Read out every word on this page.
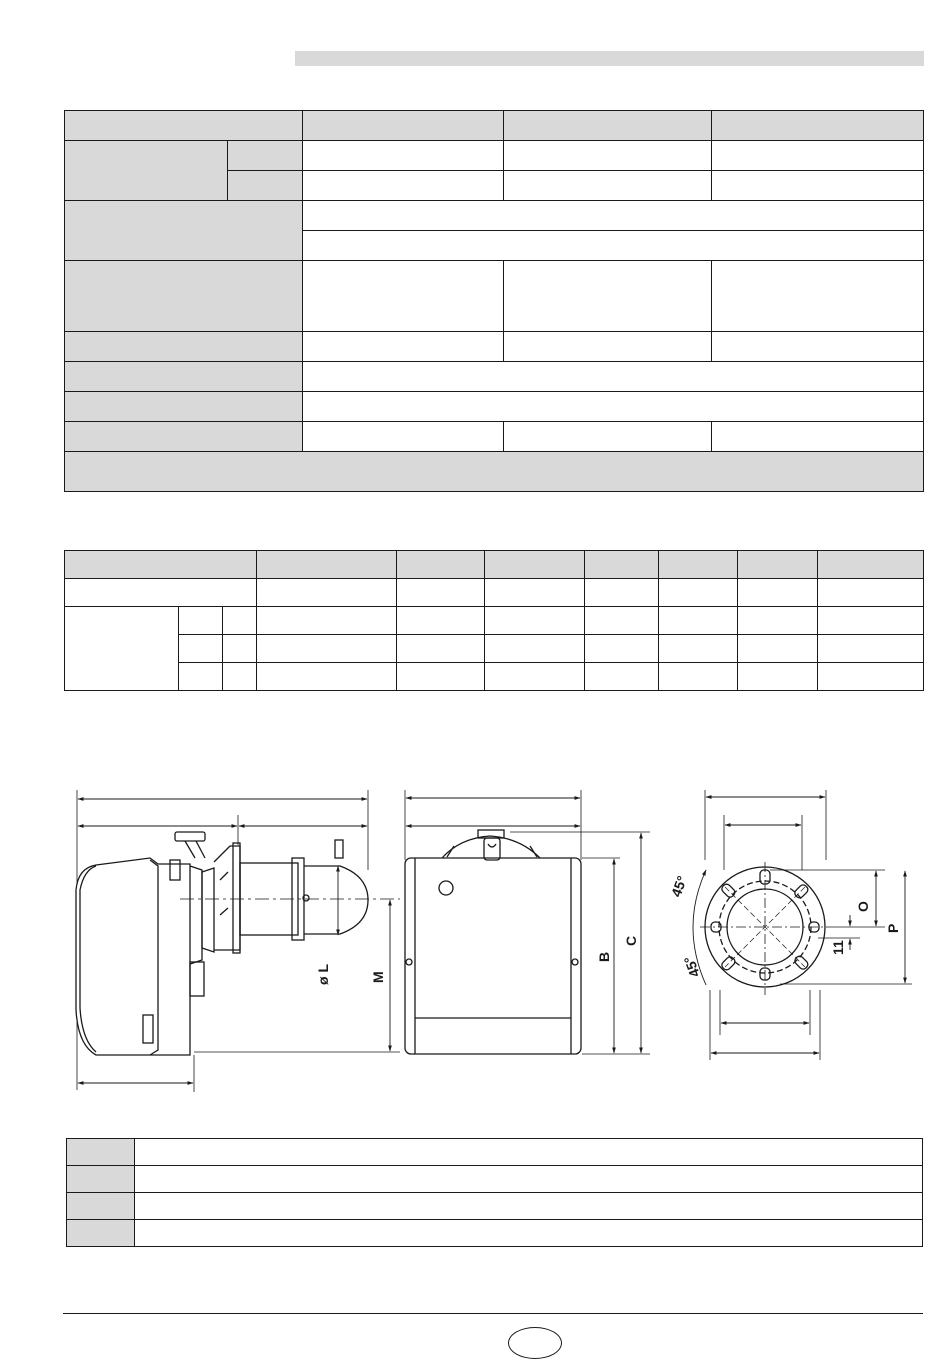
ø L	M
B
C
45°
45°
O
P
11
